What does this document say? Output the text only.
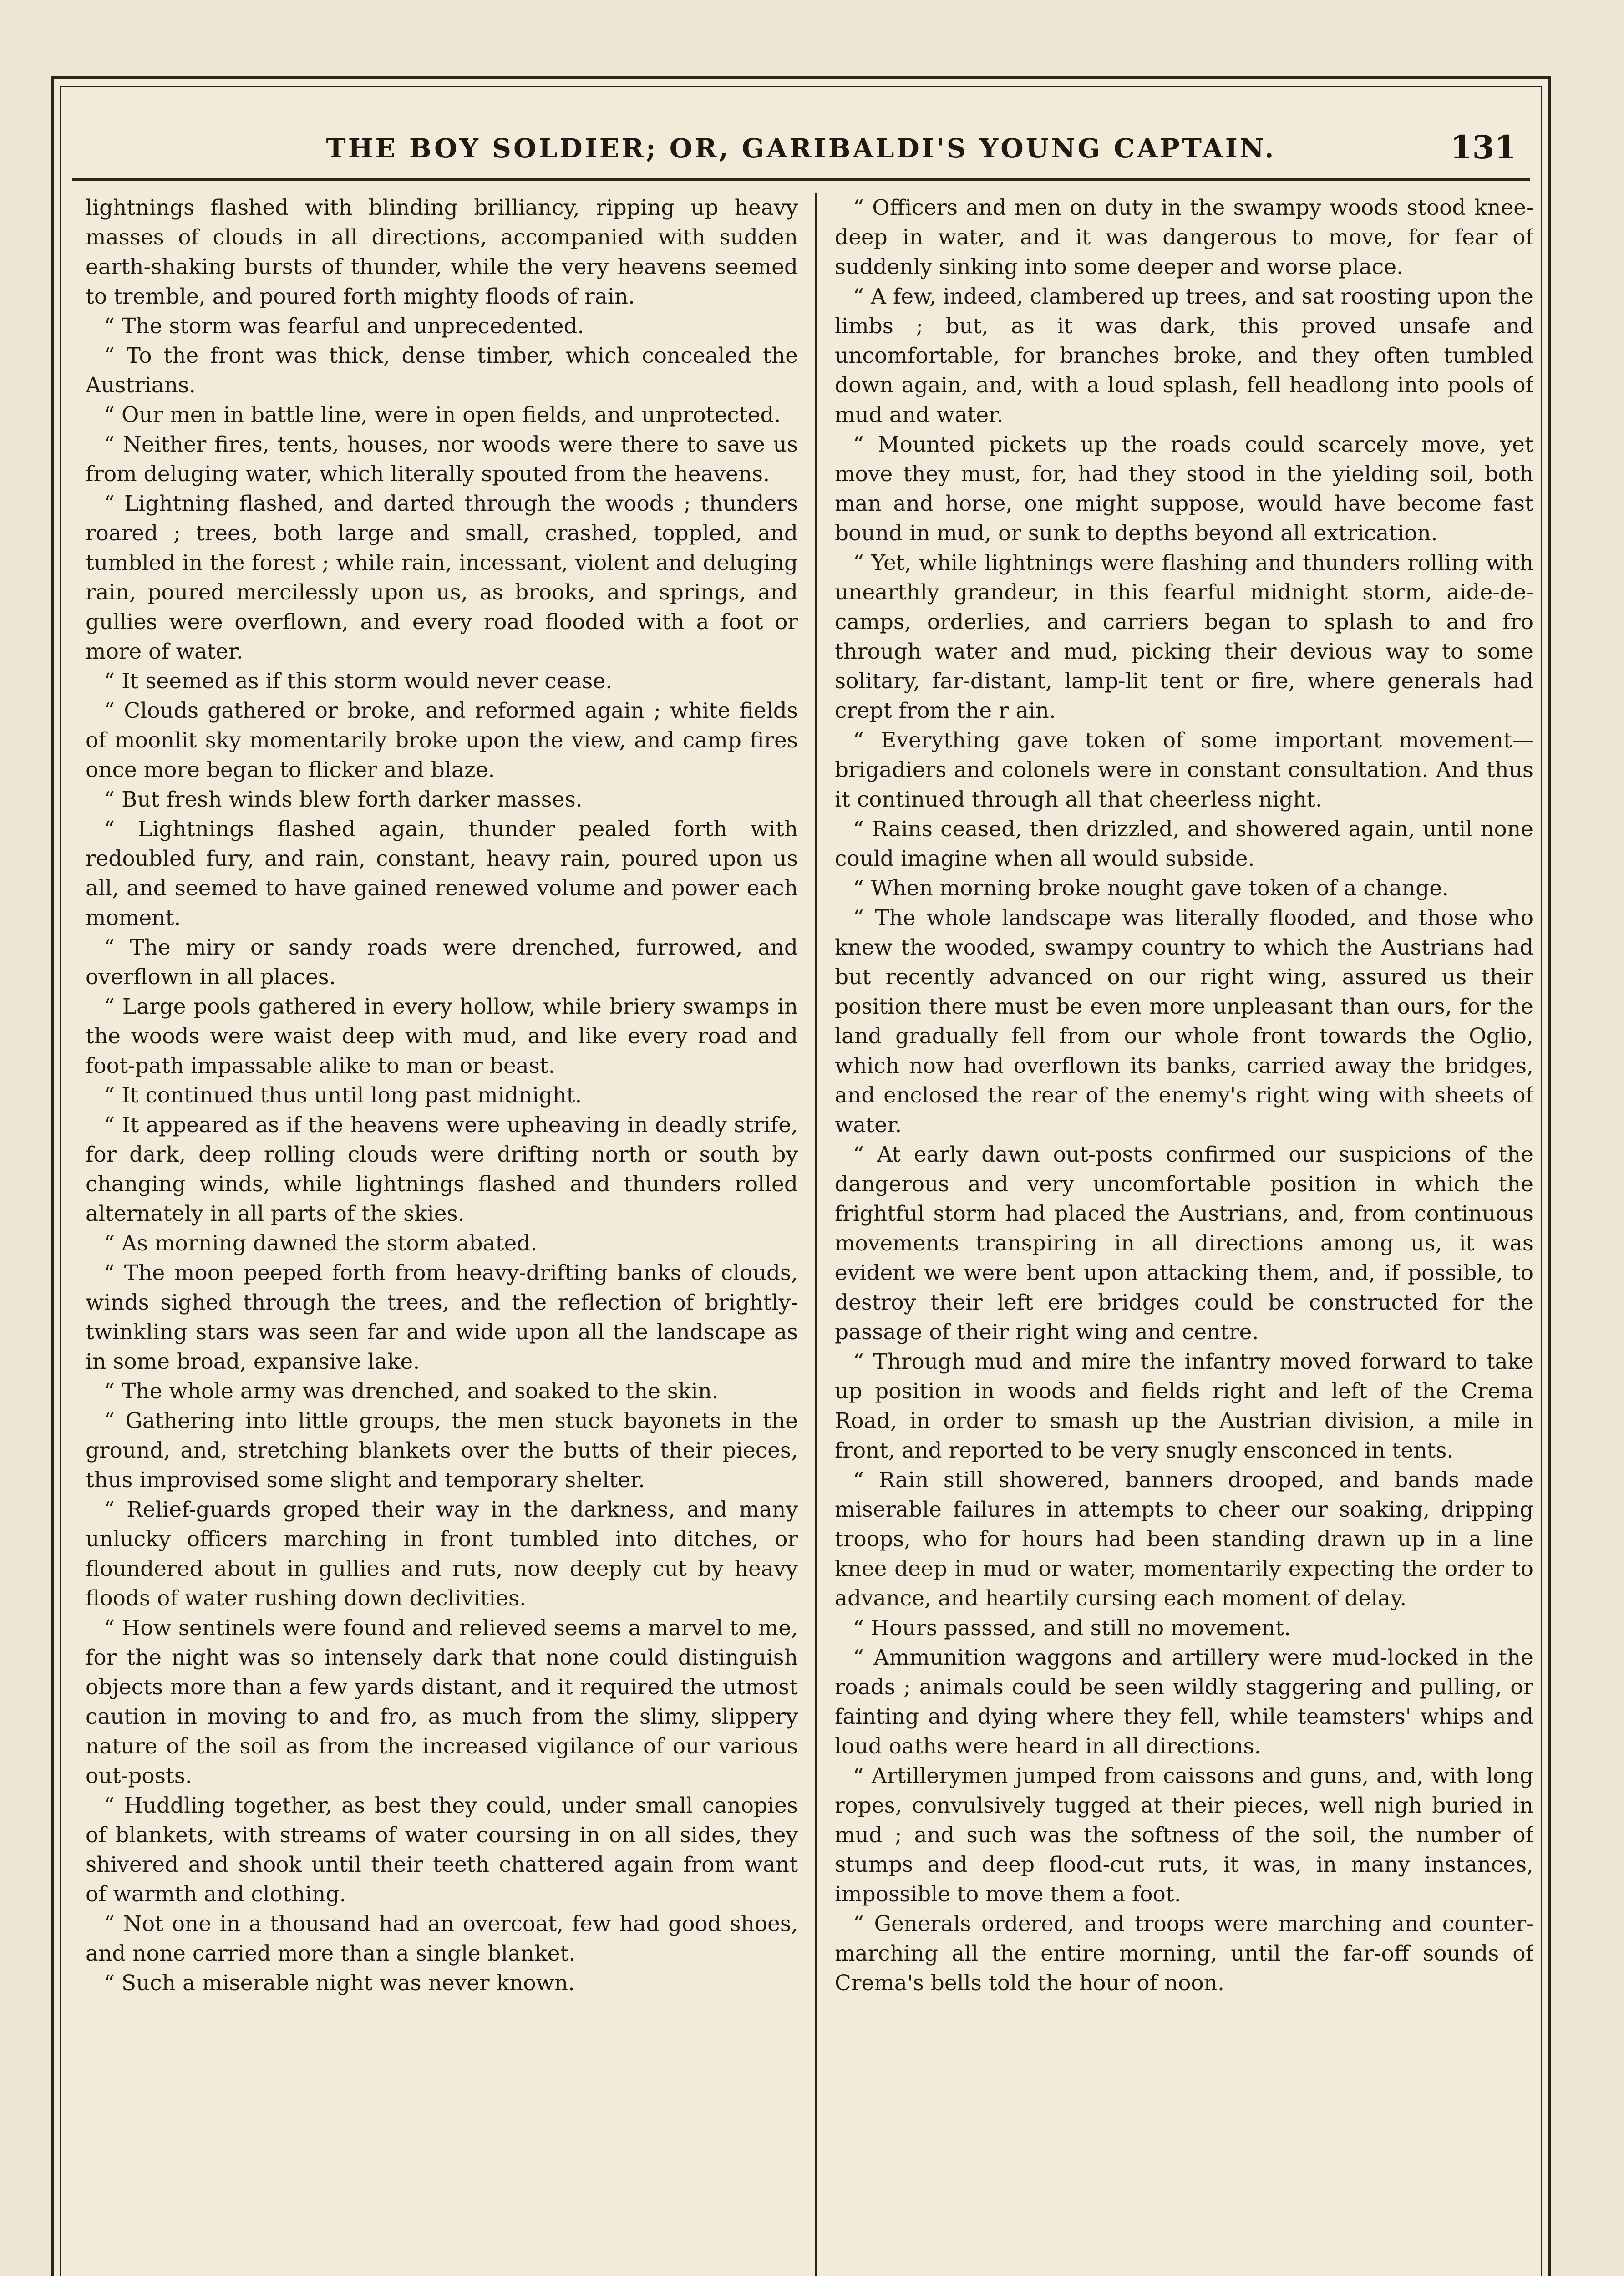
THE BOY SOLDIER; OR, GARIBALDI'S YOUNG CAPTAIN.	131

lightnings flashed with blinding brilliancy, ripping up heavy masses of clouds in all directions, accompanied with sudden earth-shaking bursts of thunder, while the very heavens seemed to tremble, and poured forth mighty floods of rain.

“ The storm was fearful and unprecedented.

“ To the front was thick, dense timber, which concealed the Austrians.

“ Our men in battle line, were in open fields, and unprotected.

“ Neither fires, tents, houses, nor woods were there to save us from deluging water, which literally spouted from the heavens.

“ Lightning flashed, and darted through the woods ; thunders roared ; trees, both large and small, crashed, toppled, and tumbled in the forest ; while rain, incessant, violent and deluging rain, poured mercilessly upon us, as brooks, and springs, and gullies were overflown, and every road flooded with a foot or more of water.

“ It seemed as if this storm would never cease.

“ Clouds gathered or broke, and reformed again ; white fields of moonlit sky momentarily broke upon the view, and camp fires once more began to flicker and blaze.

“ But fresh winds blew forth darker masses.

“ Lightnings flashed again, thunder pealed forth with redoubled fury, and rain, constant, heavy rain, poured upon us all, and seemed to have gained renewed volume and power each moment.

“ The miry or sandy roads were drenched, furrowed, and overflown in all places.

“ Large pools gathered in every hollow, while briery swamps in the woods were waist deep with mud, and like every road and foot-path impassable alike to man or beast.

“ It continued thus until long past midnight.

“ It appeared as if the heavens were upheaving in deadly strife, for dark, deep rolling clouds were drifting north or south by changing winds, while lightnings flashed and thunders rolled alternately in all parts of the skies.

“ As morning dawned the storm abated.

“ The moon peeped forth from heavy-drifting banks of clouds, winds sighed through the trees, and the reflection of brightly-twinkling stars was seen far and wide upon all the landscape as in some broad, expansive lake.

“ The whole army was drenched, and soaked to the skin.

“ Gathering into little groups, the men stuck bayonets in the ground, and, stretching blankets over the butts of their pieces, thus improvised some slight and temporary shelter.

“ Relief-guards groped their way in the darkness, and many unlucky officers marching in front tumbled into ditches, or floundered about in gullies and ruts, now deeply cut by heavy floods of water rushing down declivities.

“ How sentinels were found and relieved seems a marvel to me, for the night was so intensely dark that none could distinguish objects more than a few yards distant, and it required the utmost caution in moving to and fro, as much from the slimy, slippery nature of the soil as from the increased vigilance of our various out-posts.

“ Huddling together, as best they could, under small canopies of blankets, with streams of water coursing in on all sides, they shivered and shook until their teeth chattered again from want of warmth and clothing.

“ Not one in a thousand had an overcoat, few had good shoes, and none carried more than a single blanket.

“ Such a miserable night was never known.

“ Officers and men on duty in the swampy woods stood knee-deep in water, and it was dangerous to move, for fear of suddenly sinking into some deeper and worse place.

“ A few, indeed, clambered up trees, and sat roosting upon the limbs ; but, as it was dark, this proved unsafe and uncomfortable, for branches broke, and they often tumbled down again, and, with a loud splash, fell headlong into pools of mud and water.

“ Mounted pickets up the roads could scarcely move, yet move they must, for, had they stood in the yielding soil, both man and horse, one might suppose, would have become fast bound in mud, or sunk to depths beyond all extrication.

“ Yet, while lightnings were flashing and thunders rolling with unearthly grandeur, in this fearful midnight storm, aide-de-camps, orderlies, and carriers began to splash to and fro through water and mud, picking their devious way to some solitary, far-distant, lamp-lit tent or fire, where generals had crept from the r ain.

“ Everything gave token of some important movement—brigadiers and colonels were in constant consultation. And thus it continued through all that cheerless night.

“ Rains ceased, then drizzled, and showered again, until none could imagine when all would subside.

“ When morning broke nought gave token of a change.

“ The whole landscape was literally flooded, and those who knew the wooded, swampy country to which the Austrians had but recently advanced on our right wing, assured us their position there must be even more unpleasant than ours, for the land gradually fell from our whole front towards the Oglio, which now had overflown its banks, carried away the bridges, and enclosed the rear of the enemy's right wing with sheets of water.

“ At early dawn out-posts confirmed our suspicions of the dangerous and very uncomfortable position in which the frightful storm had placed the Austrians, and, from continuous movements transpiring in all directions among us, it was evident we were bent upon attacking them, and, if possible, to destroy their left ere bridges could be constructed for the passage of their right wing and centre.

“ Through mud and mire the infantry moved forward to take up position in woods and fields right and left of the Crema Road, in order to smash up the Austrian division, a mile in front, and reported to be very snugly ensconced in tents.

“ Rain still showered, banners drooped, and bands made miserable failures in attempts to cheer our soaking, dripping troops, who for hours had been standing drawn up in a line knee deep in mud or water, momentarily expecting the order to advance, and heartily cursing each moment of delay.

“ Hours passsed, and still no movement.

“ Ammunition waggons and artillery were mud-locked in the roads ; animals could be seen wildly staggering and pulling, or fainting and dying where they fell, while teamsters' whips and loud oaths were heard in all directions.

“ Artillerymen jumped from caissons and guns, and, with long ropes, convulsively tugged at their pieces, well nigh buried in mud ; and such was the softness of the soil, the number of stumps and deep flood-cut ruts, it was, in many instances, impossible to move them a foot.

“ Generals ordered, and troops were marching and counter-marching all the entire morning, until the far-off sounds of Crema's bells told the hour of noon.
